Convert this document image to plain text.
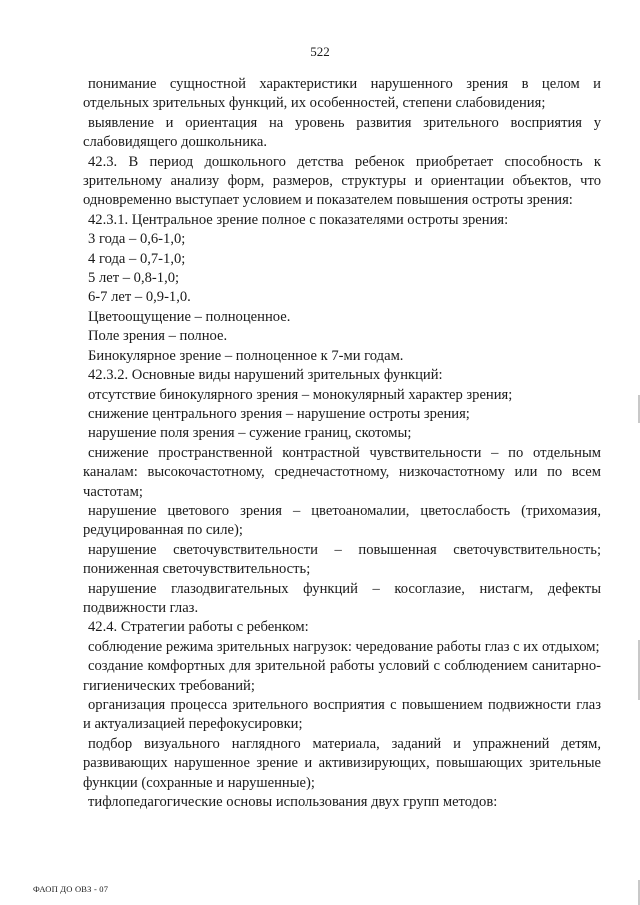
522

понимание сущностной характеристики нарушенного зрения в целом и отдельных зрительных функций, их особенностей, степени слабовидения;

выявление и ориентация на уровень развития зрительного восприятия у слабовидящего дошкольника.

42.3. В период дошкольного детства ребенок приобретает способность к зрительному анализу форм, размеров, структуры и ориентации объектов, что одновременно выступает условием и показателем повышения остроты зрения:

42.3.1. Центральное зрение полное с показателями остроты зрения:

3 года – 0,6-1,0;

4 года – 0,7-1,0;

5 лет – 0,8-1,0;

6-7 лет – 0,9-1,0.

Цветоощущение – полноценное.

Поле зрения – полное.

Бинокулярное зрение – полноценное к 7-ми годам.

42.3.2. Основные виды нарушений зрительных функций:

отсутствие бинокулярного зрения – монокулярный характер зрения;

снижение центрального зрения – нарушение остроты зрения;

нарушение поля зрения – сужение границ, скотомы;

снижение пространственной контрастной чувствительности – по отдельным каналам: высокочастотному, среднечастотному, низкочастотному или по всем частотам;

нарушение цветового зрения – цветоаномалии, цветослабость (трихомазия, редуцированная по силе);

нарушение светочувствительности – повышенная светочувствительность; пониженная светочувствительность;

нарушение глазодвигательных функций – косоглазие, нистагм, дефекты подвижности глаз.

42.4. Стратегии работы с ребенком:

соблюдение режима зрительных нагрузок: чередование работы глаз с их отдыхом;

создание комфортных для зрительной работы условий с соблюдением санитарно-гигиенических требований;

организация процесса зрительного восприятия с повышением подвижности глаз и актуализацией перефокусировки;

подбор визуального наглядного материала, заданий и упражнений детям, развивающих нарушенное зрение и активизирующих, повышающих зрительные функции (сохранные и нарушенные);

тифлопедагогические основы использования двух групп методов:

ФАОП ДО ОВЗ - 07
